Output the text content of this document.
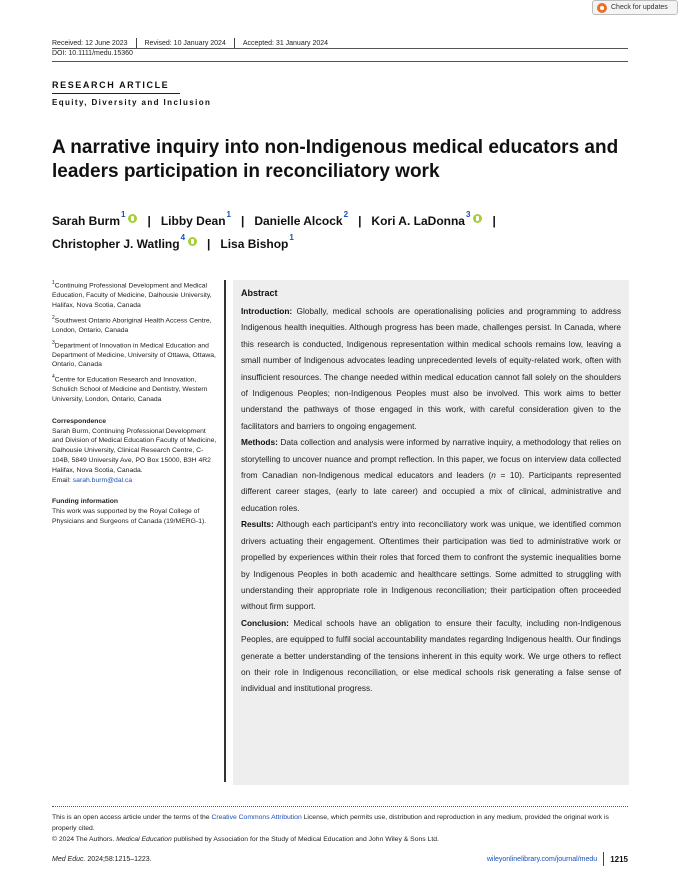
Check for updates
Received: 12 June 2023 Revised: 10 January 2024 Accepted: 31 January 2024
DOI: 10.1111/medu.15360
RESEARCH ARTICLE
Equity, Diversity and Inclusion
A narrative inquiry into non-Indigenous medical educators and leaders participation in reconciliatory work
Sarah Burm$^1$ | Libby Dean$^1$ | Danielle Alcock$^2$ | Kori A. LaDonna$^3$ |

Christopher J. Watling$^4$ | Lisa Bishop$^1$
$^1$Continuing Professional Development and Medical Education, Faculty of Medicine, Dalhousie University, Halifax, Nova Scotia, Canada
$^2$Southwest Ontario Aboriginal Health Access Centre, London, Ontario, Canada
$^3$Department of Innovation in Medical Education and Department of Medicine, University of Ottawa, Ottawa, Ontario, Canada
$^4$Centre for Education Research and Innovation, Schulich School of Medicine and Dentistry, Western University, London, Ontario, Canada
Correspondence
Sarah Burm, Continuing Professional Development and Division of Medical Education Faculty of Medicine, Dalhousie University, Clinical Research Centre, C-104B, 5849 University Ave, PO Box 15000, B3H 4R2 Halifax, Nova Scotia, Canada.
Email: sarah.burm@dal.ca
Funding information
This work was supported by the Royal College of Physicians and Surgeons of Canada (19/MERG-1).
Abstract

Introduction: Globally, medical schools are operationalising policies and programming to address Indigenous health inequities. Although progress has been made, challenges persist. In Canada, where this research is conducted, Indigenous representation within medical schools remains low, leaving a small number of Indigenous advocates leading unprecedented levels of equity-related work, often with insufficient resources. The change needed within medical education cannot fall solely on the shoulders of Indigenous Peoples; non-Indigenous Peoples must also be involved. This work aims to better understand the pathways of those engaged in this work, with careful consideration given to the facilitators and barriers to ongoing engagement.

Methods: Data collection and analysis were informed by narrative inquiry, a methodology that relies on storytelling to uncover nuance and prompt reflection. In this paper, we focus on interview data collected from Canadian non-Indigenous medical educators and leaders (n = 10). Participants represented different career stages, (early to late career) and occupied a mix of clinical, administrative and education roles.

Results: Although each participant's entry into reconciliatory work was unique, we identified common drivers actuating their engagement. Oftentimes their participation was tied to administrative work or propelled by experiences within their roles that forced them to confront the systemic inequalities borne by Indigenous Peoples in both academic and healthcare settings. Some admitted to struggling with understanding their appropriate role in Indigenous reconciliation; their participation often proceeded without firm support.

Conclusion: Medical schools have an obligation to ensure their faculty, including non-Indigenous Peoples, are equipped to fulfil social accountability mandates regarding Indigenous health. Our findings generate a better understanding of the tensions inherent in this equity work. We urge others to reflect on their role in Indigenous reconciliation, or else medical schools risk generating a false sense of individual and institutional progress.

This is an open access article under the terms of the Creative Commons Attribution License, which permits use, distribution and reproduction in any medium, provided the original work is properly cited.
© 2024 The Authors. Medical Education published by Association for the Study of Medical Education and John Wiley & Sons Ltd.
Med Educ. 2024;58:1215–1223.	wileyonlinelibrary.com/journal/medu 1215
